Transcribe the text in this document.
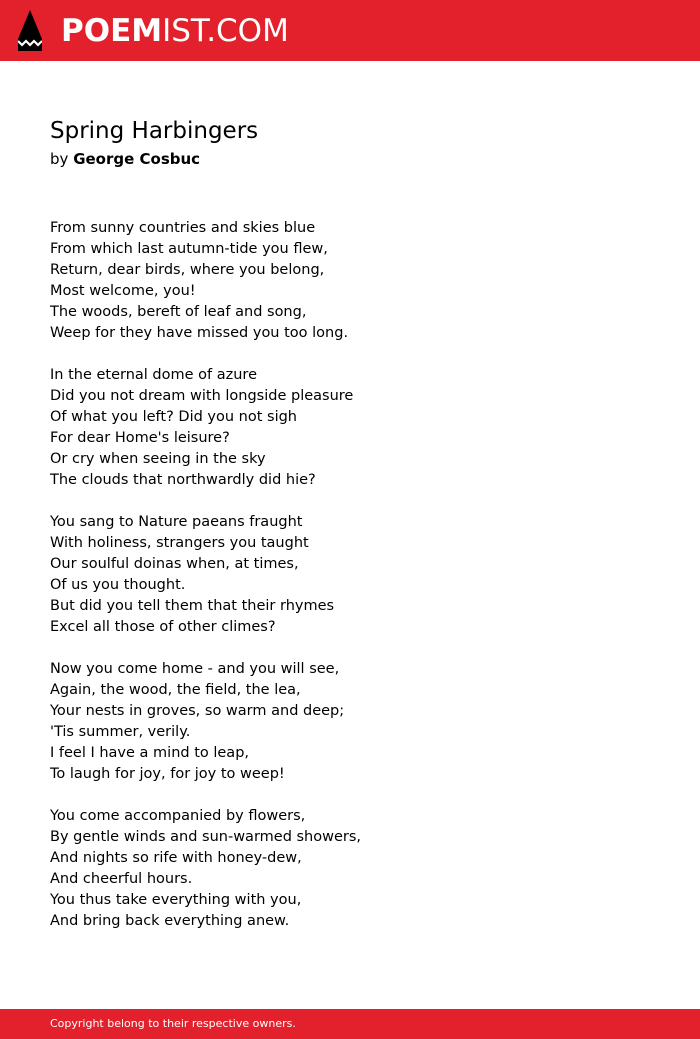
POEMIST.COM
Spring Harbingers
by George Cosbuc
From sunny countries and skies blue
From which last autumn-tide you flew,
Return, dear birds, where you belong,
Most welcome, you!
The woods, bereft of leaf and song,
Weep for they have missed you too long.
In the eternal dome of azure
Did you not dream with longside pleasure
Of what you left? Did you not sigh
For dear Home's leisure?
Or cry when seeing in the sky
The clouds that northwardly did hie?
You sang to Nature paeans fraught
With holiness, strangers you taught
Our soulful doinas when, at times,
Of us you thought.
But did you tell them that their rhymes
Excel all those of other climes?
Now you come home - and you will see,
Again, the wood, the field, the lea,
Your nests in groves, so warm and deep;
'Tis summer, verily.
I feel I have a mind to leap,
To laugh for joy, for joy to weep!
You come accompanied by flowers,
By gentle winds and sun-warmed showers,
And nights so rife with honey-dew,
And cheerful hours.
You thus take everything with you,
And bring back everything anew.
Copyright belong to their respective owners.
